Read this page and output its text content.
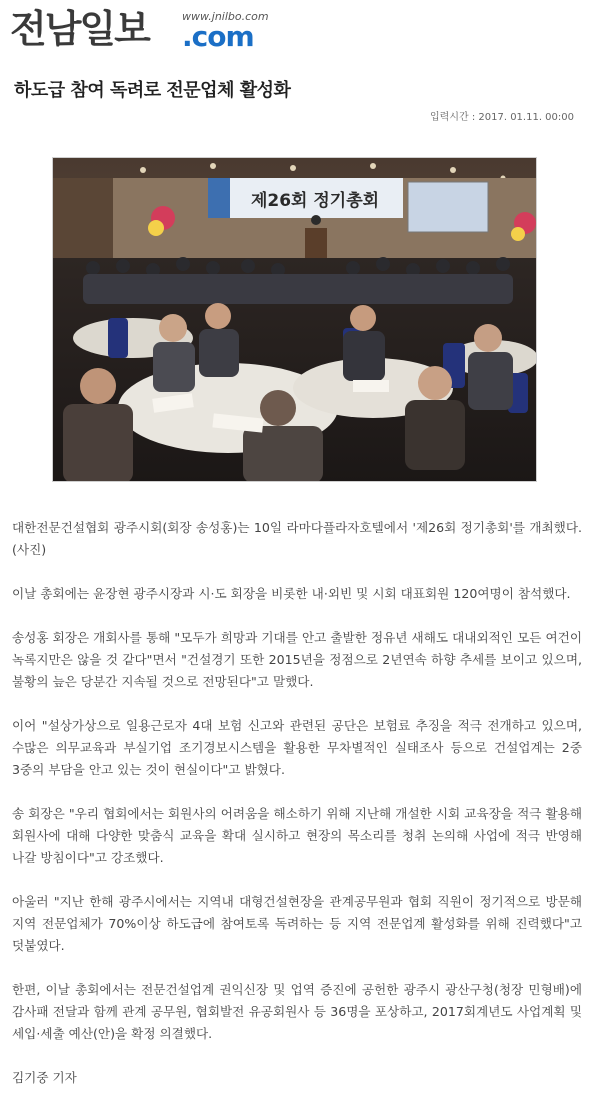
전남일보	www.jnilbo.com
.com
하도급 참여 독려로 전문업체 활성화
입력시간 : 2017. 01.11. 00:00
제26회 정기총회

대한전문건설협회 광주시회(회장 송성홍)는 10일 라마다플라자호텔에서 '제26회 정기총회'를 개최했다.(사진)

이날 총회에는 윤장현 광주시장과 시·도 회장을 비롯한 내·외빈 및 시회 대표회원 120여명이 참석했다.

송성홍 회장은 개회사를 통해 "모두가 희망과 기대를 안고 출발한 정유년 새해도 대내외적인 모든 여건이 녹록지만은 않을 것 같다"면서 "건설경기 또한 2015년을 정점으로 2년연속 하향 추세를 보이고 있으며, 불황의 늪은 당분간 지속될 것으로 전망된다"고 말했다.

이어 "설상가상으로 일용근로자 4대 보험 신고와 관련된 공단은 보험료 추징을 적극 전개하고 있으며, 수많은 의무교육과 부실기업 조기경보시스템을 활용한 무차별적인 실태조사 등으로 건설업계는 2중 3중의 부담을 안고 있는 것이 현실이다"고 밝혔다.

송 회장은 "우리 협회에서는 회원사의 어려움을 해소하기 위해 지난해 개설한 시회 교육장을 적극 활용해 회원사에 대해 다양한 맞춤식 교육을 확대 실시하고 현장의 목소리를 청취 논의해 사업에 적극 반영해 나갈 방침이다"고 강조했다.

아울러 "지난 한해 광주시에서는 지역내 대형건설현장을 관계공무원과 협회 직원이 정기적으로 방문해 지역 전문업체가 70%이상 하도급에 참여토록 독려하는 등 지역 전문업계 활성화를 위해 진력했다"고 덧붙였다.

한편, 이날 총회에서는 전문건설업계 권익신장 및 업역 증진에 공헌한 광주시 광산구청(청장 민형배)에 감사패 전달과 함께 관계 공무원, 협회발전 유공회원사 등 36명을 포상하고, 2017회계년도 사업계획 및 세입·세출 예산(안)을 확정 의결했다.

김기중 기자
